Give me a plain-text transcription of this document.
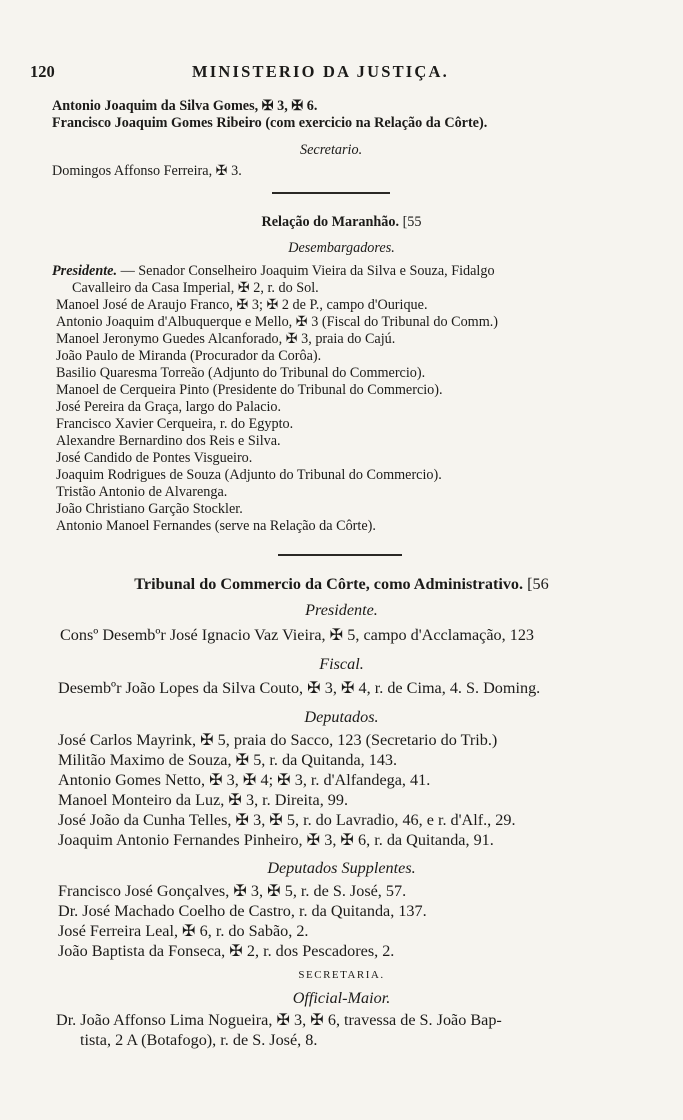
120	MINISTERIO DA JUSTIÇA.
Antonio Joaquim da Silva Gomes, ✠ 3, ✠ 6.
Francisco Joaquim Gomes Ribeiro (com exercicio na Relação da Côrte).
Secretario.
Domingos Affonso Ferreira, ✠ 3.
Relação do Maranhão. [55
Desembargadores.
Presidente. — Senador Conselheiro Joaquim Vieira da Silva e Souza, Fidalgo
Cavalleiro da Casa Imperial, ✠ 2, r. do Sol.
Manoel José de Araujo Franco, ✠ 3; ✠ 2 de P., campo d'Ourique.
Antonio Joaquim d'Albuquerque e Mello, ✠ 3 (Fiscal do Tribunal do Comm.)
Manoel Jeronymo Guedes Alcanforado, ✠ 3, praia do Cajú.
João Paulo de Miranda (Procurador da Corôa).
Basilio Quaresma Torreão (Adjunto do Tribunal do Commercio).
Manoel de Cerqueira Pinto (Presidente do Tribunal do Commercio).
José Pereira da Graça, largo do Palacio.
Francisco Xavier Cerqueira, r. do Egypto.
Alexandre Bernardino dos Reis e Silva.
José Candido de Pontes Visgueiro.
Joaquim Rodrigues de Souza (Adjunto do Tribunal do Commercio).
Tristão Antonio de Alvarenga.
João Christiano Garção Stockler.
Antonio Manoel Fernandes (serve na Relação da Côrte).
Tribunal do Commercio da Côrte, como Administrativo. [56
Presidente.
Consº Desembºr José Ignacio Vaz Vieira, ✠ 5, campo d'Acclamação, 123
Fiscal.
Desembºr João Lopes da Silva Couto, ✠ 3, ✠ 4, r. de Cima, 4. S. Doming.
Deputados.
José Carlos Mayrink, ✠ 5, praia do Sacco, 123 (Secretario do Trib.)
Militão Maximo de Souza, ✠ 5, r. da Quitanda, 143.
Antonio Gomes Netto, ✠ 3, ✠ 4; ✠ 3, r. d'Alfandega, 41.
Manoel Monteiro da Luz, ✠ 3, r. Direita, 99.
José João da Cunha Telles, ✠ 3, ✠ 5, r. do Lavradio, 46, e r. d'Alf., 29.
Joaquim Antonio Fernandes Pinheiro, ✠ 3, ✠ 6, r. da Quitanda, 91.
Deputados Supplentes.
Francisco José Gonçalves, ✠ 3, ✠ 5, r. de S. José, 57.
Dr. José Machado Coelho de Castro, r. da Quitanda, 137.
José Ferreira Leal, ✠ 6, r. do Sabão, 2.
João Baptista da Fonseca, ✠ 2, r. dos Pescadores, 2.
SECRETARIA.
Official-Maior.
Dr. João Affonso Lima Nogueira, ✠ 3, ✠ 6, travessa de S. João Bap-
tista, 2 A (Botafogo), r. de S. José, 8.
